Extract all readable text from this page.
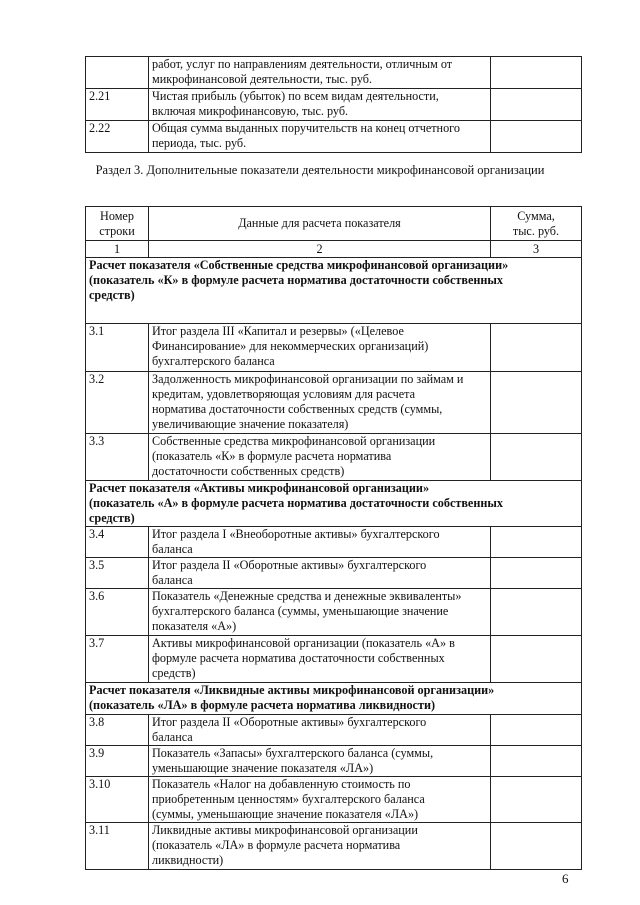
	работ, услуг по направлениям деятельности, отличным от
микрофинансовой деятельности, тыс. руб.	
2.21	Чистая прибыль (убыток) по всем видам деятельности,
включая микрофинансовую, тыс. руб.	
2.22	Общая сумма выданных поручительств на конец отчетного
периода, тыс. руб.	
Раздел 3. Дополнительные показатели деятельности микрофинансовой организации
Номер
строки	Данные для расчета показателя	Сумма,
тыс. руб.
1	2	3
Расчет показателя «Собственные средства микрофинансовой организации»
(показатель «К» в формуле расчета норматива достаточности собственных
средств)		
3.1	Итог раздела III «Капитал и резервы» («Целевое
Финансирование» для некоммерческих организаций)
бухгалтерского баланса	
3.2	Задолженность микрофинансовой организации по займам и
кредитам, удовлетворяющая условиям для расчета
норматива достаточности собственных средств (суммы,
увеличивающие значение показателя)	
3.3	Собственные средства микрофинансовой организации
(показатель «К» в формуле расчета норматива
достаточности собственных средств)	
Расчет показателя «Активы микрофинансовой организации»
(показатель «А» в формуле расчета норматива достаточности собственных
средств)		
3.4	Итог раздела I «Внеоборотные активы» бухгалтерского
баланса	
3.5	Итог раздела II «Оборотные активы» бухгалтерского
баланса	
3.6	Показатель «Денежные средства и денежные эквиваленты»
бухгалтерского баланса (суммы, уменьшающие значение
показателя «А»)	
3.7	Активы микрофинансовой организации (показатель «А» в
формуле расчета норматива достаточности собственных
средств)	
Расчет показателя «Ликвидные активы микрофинансовой организации»
(показатель «ЛА» в формуле расчета норматива ликвидности)		
3.8	Итог раздела II «Оборотные активы» бухгалтерского
баланса	
3.9	Показатель «Запасы» бухгалтерского баланса (суммы,
уменьшающие значение показателя «ЛА»)	
3.10	Показатель «Налог на добавленную стоимость по
приобретенным ценностям» бухгалтерского баланса
(суммы, уменьшающие значение показателя «ЛА»)	
3.11	Ликвидные активы микрофинансовой организации
(показатель «ЛА» в формуле расчета норматива
ликвидности)	
6
